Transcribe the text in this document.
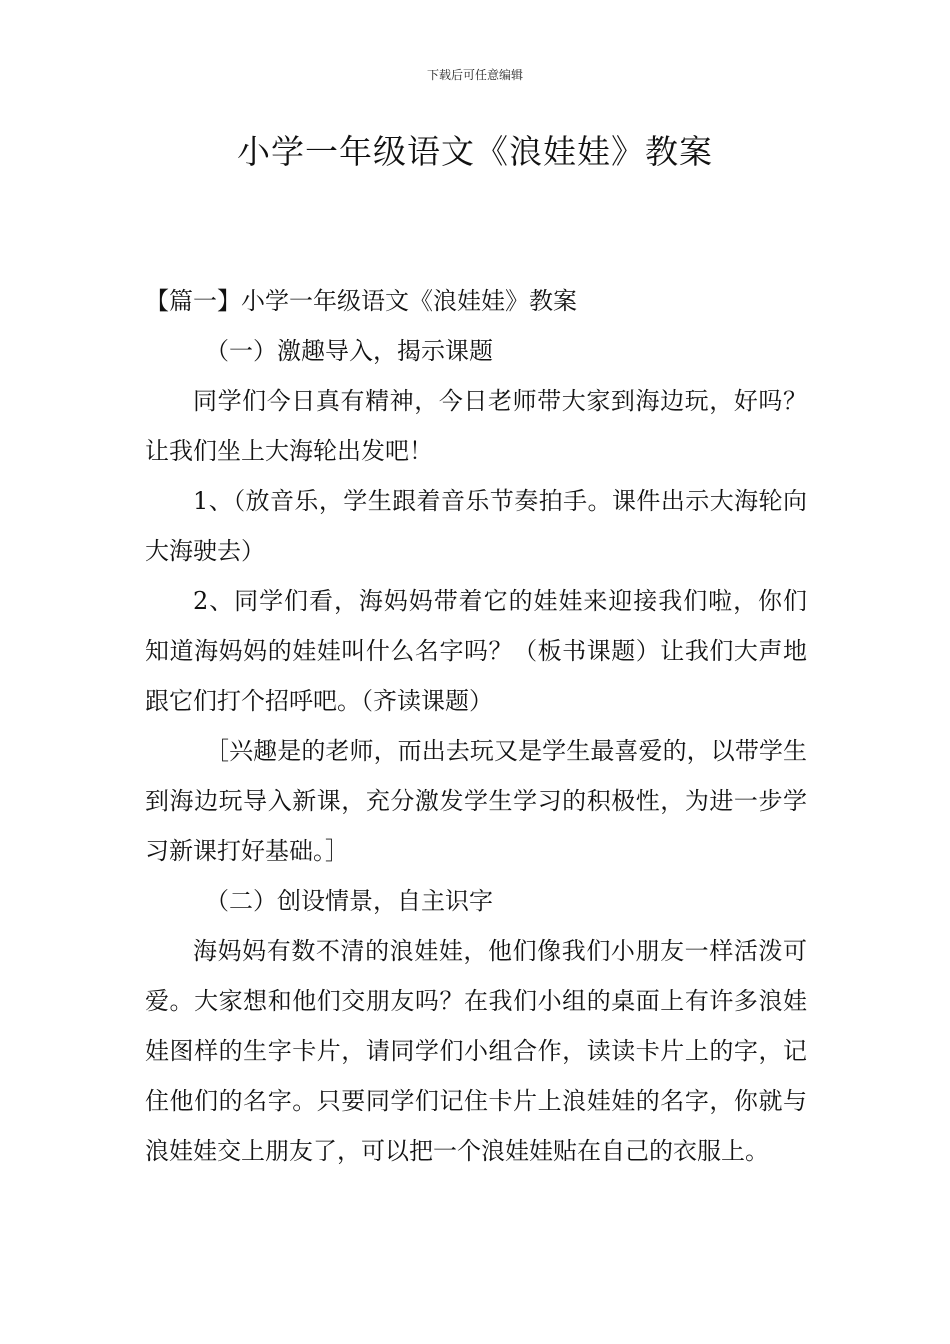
下载后可任意编辑

小学一年级语文《浪娃娃》教案

【篇一】小学一年级语文《浪娃娃》教案

（一）激趣导入，揭示课题

同学们今日真有精神，今日老师带大家到海边玩，好吗？让我们坐上大海轮出发吧！

1、（放音乐，学生跟着音乐节奏拍手。课件出示大海轮向大海驶去）

2、同学们看，海妈妈带着它的娃娃来迎接我们啦，你们知道海妈妈的娃娃叫什么名字吗？（板书课题）让我们大声地跟它们打个招呼吧。（齐读课题）

［兴趣是的老师，而出去玩又是学生最喜爱的，以带学生到海边玩导入新课，充分激发学生学习的积极性，为进一步学习新课打好基础。］

（二）创设情景，自主识字

海妈妈有数不清的浪娃娃，他们像我们小朋友一样活泼可爱。大家想和他们交朋友吗？在我们小组的桌面上有许多浪娃娃图样的生字卡片，请同学们小组合作，读读卡片上的字，记住他们的名字。只要同学们记住卡片上浪娃娃的名字，你就与浪娃娃交上朋友了，可以把一个浪娃娃贴在自己的衣服上。
